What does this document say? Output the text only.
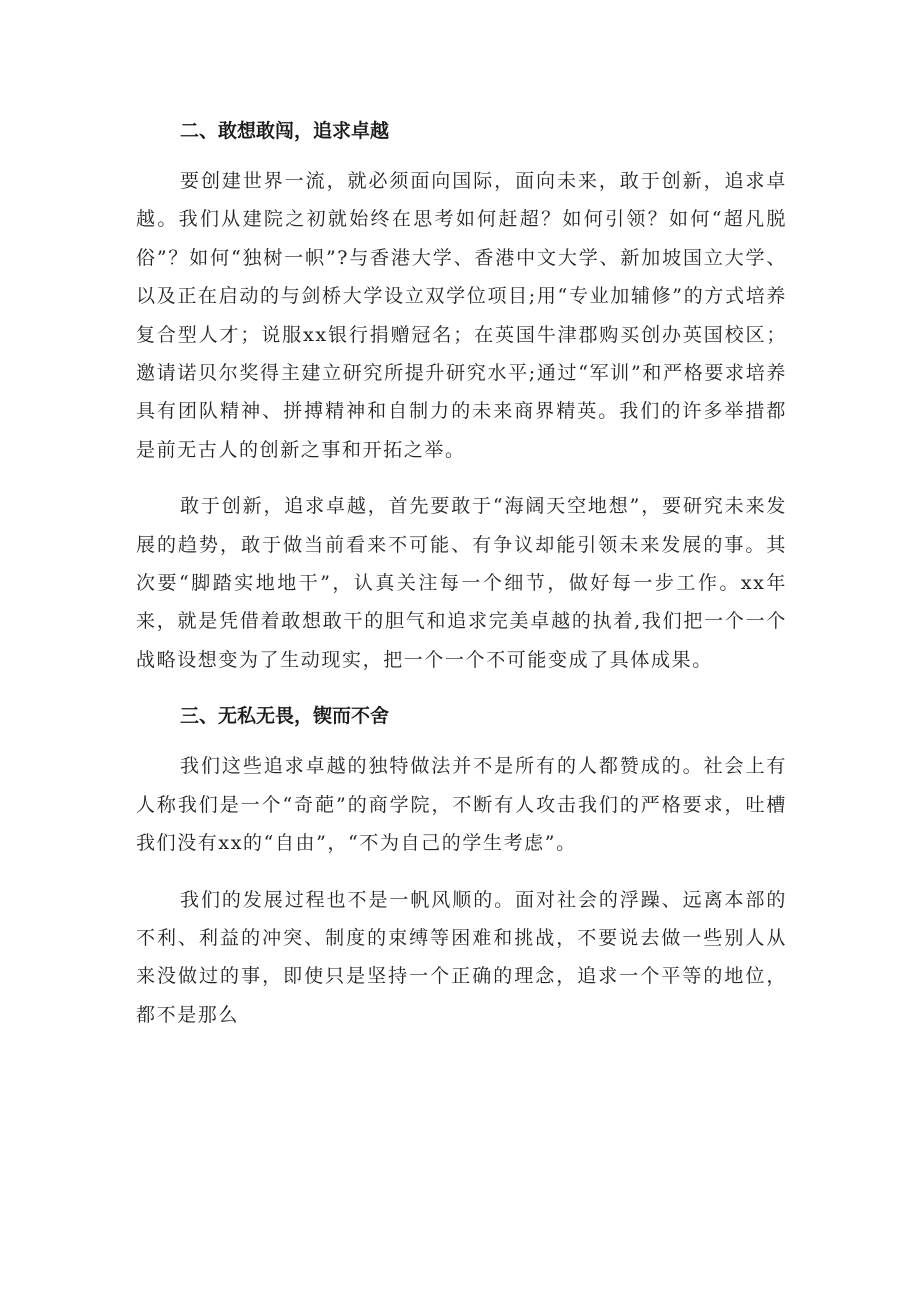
二、敢想敢闯，追求卓越

要创建世界一流，就必须面向国际，面向未来，敢于创新，追求卓越。我们从建院之初就始终在思考如何赶超？如何引领？如何“超凡脱俗”？如何“独树一帜”?与香港大学、香港中文大学、新加坡国立大学、以及正在启动的与剑桥大学设立双学位项目;用“专业加辅修”的方式培养复合型人才；说服xx银行捐赠冠名；在英国牛津郡购买创办英国校区；邀请诺贝尔奖得主建立研究所提升研究水平;通过“军训”和严格要求培养具有团队精神、拼搏精神和自制力的未来商界精英。我们的许多举措都是前无古人的创新之事和开拓之举。

敢于创新，追求卓越，首先要敢于“海阔天空地想”，要研究未来发展的趋势，敢于做当前看来不可能、有争议却能引领未来发展的事。其次要“脚踏实地地干”，认真关注每一个细节，做好每一步工作。xx年来，就是凭借着敢想敢干的胆气和追求完美卓越的执着,我们把一个一个战略设想变为了生动现实，把一个一个不可能变成了具体成果。

三、无私无畏，锲而不舍

我们这些追求卓越的独特做法并不是所有的人都赞成的。社会上有人称我们是一个“奇葩”的商学院，不断有人攻击我们的严格要求，吐槽我们没有xx的“自由”，“不为自己的学生考虑”。

我们的发展过程也不是一帆风顺的。面对社会的浮躁、远离本部的不利、利益的冲突、制度的束缚等困难和挑战，不要说去做一些别人从来没做过的事，即使只是坚持一个正确的理念，追求一个平等的地位，都不是那么
